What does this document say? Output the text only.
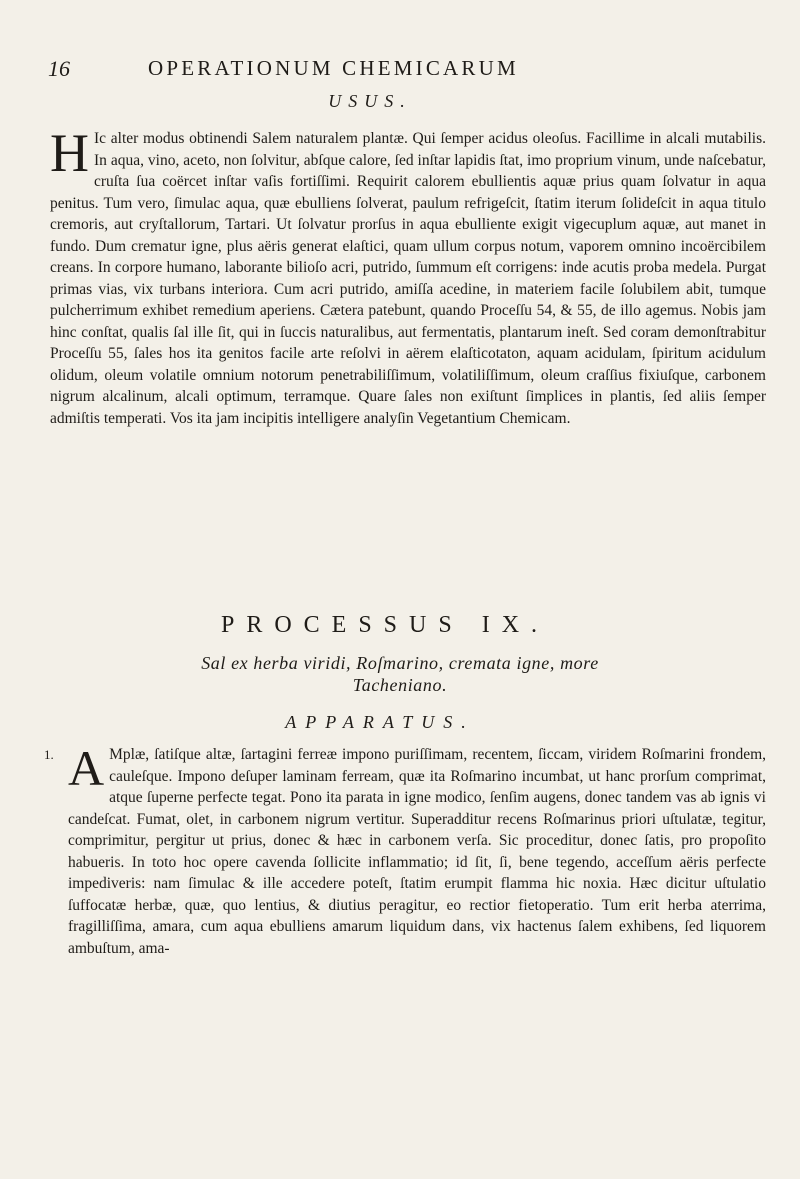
16	OPERATIONUM CHEMICARUM
USUS.
H Ic alter modus obtinendi Salem naturalem plantæ. Qui ſemper acidus oleoſus. Facillime in alcali mutabilis. In aqua, vino, aceto, non ſolvitur, abſque calore, ſed inſtar lapidis ſtat, imo proprium vinum, unde naſcebatur, cruſta ſua coërcet inſtar vaſis fortiſſimi. Requirit calorem ebullientis aquæ prius quam ſolvatur in aqua penitus. Tum vero, ſimulac aqua, quæ ebulliens ſolverat, paulum refrigeſcit, ſtatim iterum ſolideſcit in aqua titulo cremoris, aut cryſtallorum, Tartari. Ut ſolvatur prorſus in aqua ebulliente exigit vigecuplum aquæ, aut manet in fundo. Dum crematur igne, plus aëris generat elaſtici, quam ullum corpus notum, vaporem omnino incoërcibilem creans. In corpore humano, laborante bilioſo acri, putrido, ſummum eſt corrigens: inde acutis proba medela. Purgat primas vias, vix turbans interiora. Cum acri putrido, amiſſa acedine, in materiem facile ſolubilem abit, tumque pulcherrimum exhibet remedium aperiens. Cætera patebunt, quando Proceſſu 54, & 55, de illo agemus. Nobis jam hinc conſtat, qualis ſal ille ſit, qui in ſuccis naturalibus, aut fermentatis, plantarum ineſt. Sed coram demonſtrabitur Proceſſu 55, ſales hos ita genitos facile arte reſolvi in aërem elaſticotaton, aquam acidulam, ſpiritum acidulum olidum, oleum volatile omnium notorum penetrabiliſſimum, volatiliſſimum, oleum craſſius fixiuſque, carbonem nigrum alcalinum, alcali optimum, terramque. Quare ſales non exiſtunt ſimplices in plantis, ſed aliis ſemper admiſtis temperati. Vos ita jam incipitis intelligere analyſin Vegetantium Chemicam.
PROCESSUS IX.
Sal ex herba viridi, Roſmarino, cremata igne, more
Tacheniano.
APPARATUS.
1. A Mplæ, ſatiſque altæ, ſartagini ferreæ impono puriſſimam, recentem, ſiccam, viridem Roſmarini frondem, cauleſque. Impono deſuper laminam ferream, quæ ita Roſmarino incumbat, ut hanc prorſum comprimat, atque ſuperne perfecte tegat. Pono ita parata in igne modico, ſenſim augens, donec tandem vas ab ignis vi candeſcat. Fumat, olet, in carbonem nigrum vertitur. Superadditur recens Roſmarinus priori uſtulatæ, tegitur, comprimitur, pergitur ut prius, donec & hæc in carbonem verſa. Sic proceditur, donec ſatis, pro propoſito habueris. In toto hoc opere cavenda ſollicite inflammatio; id ſit, ſi, bene tegendo, acceſſum aëris perfecte impediveris: nam ſimulac & ille accedere poteſt, ſtatim erumpit flamma hic noxia. Hæc dicitur uſtulatio ſuffocatæ herbæ, quæ, quo lentius, & diutius peragitur, eo rectior fietoperatio. Tum erit herba aterrima, fragilliſſima, amara, cum aqua ebulliens amarum liquidum dans, vix hactenus ſalem exhibens, ſed liquorem ambuſtum, ama-
